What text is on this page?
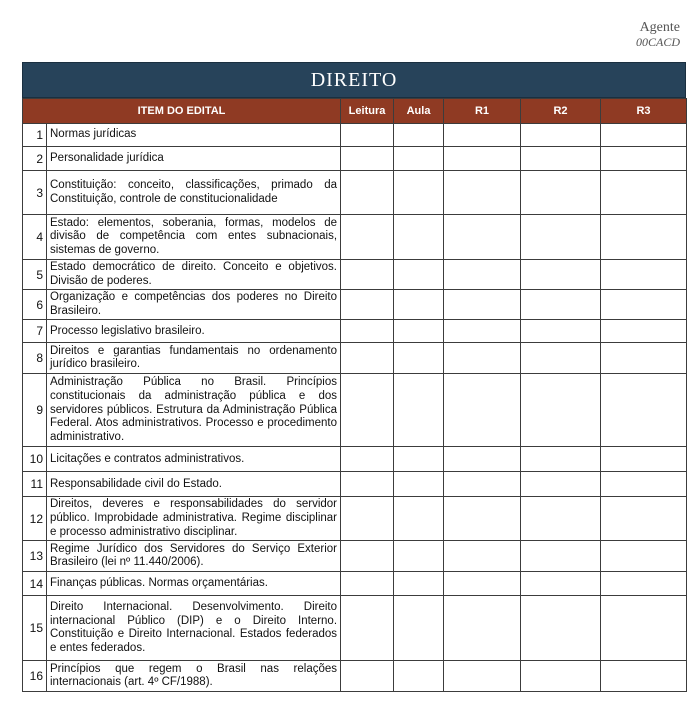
Agente
00CACD
DIREITO
ITEM DO EDITAL		Leitura	Aula	R1	R2	R3
1	Normas jurídicas					
2	Personalidade jurídica					
3	Constituição: conceito, classificações, primado da Constituição, controle de constitucionalidade					
4	Estado: elementos, soberania, formas, modelos de divisão de competência com entes subnacionais, sistemas de governo.					
5	Estado democrático de direito. Conceito e objetivos. Divisão de poderes.					
6	Organização e competências dos poderes no Direito Brasileiro.					
7	Processo legislativo brasileiro.					
8	Direitos e garantias fundamentais no ordenamento jurídico brasileiro.					
9	Administração Pública no Brasil. Princípios constitucionais da administração pública e dos servidores públicos. Estrutura da Administração Pública Federal. Atos administrativos. Processo e procedimento administrativo.					
10	Licitações e contratos administrativos.					
11	Responsabilidade civil do Estado.					
12	Direitos, deveres e responsabilidades do servidor público. Improbidade administrativa. Regime disciplinar e processo administrativo disciplinar.					
13	Regime Jurídico dos Servidores do Serviço Exterior Brasileiro (lei nº 11.440/2006).					
14	Finanças públicas. Normas orçamentárias.					
15	Direito Internacional. Desenvolvimento. Direito internacional Público (DIP) e o Direito Interno. Constituição e Direito Internacional. Estados federados e entes federados.					
16	Princípios que regem o Brasil nas relações internacionais (art. 4º CF/1988).					
